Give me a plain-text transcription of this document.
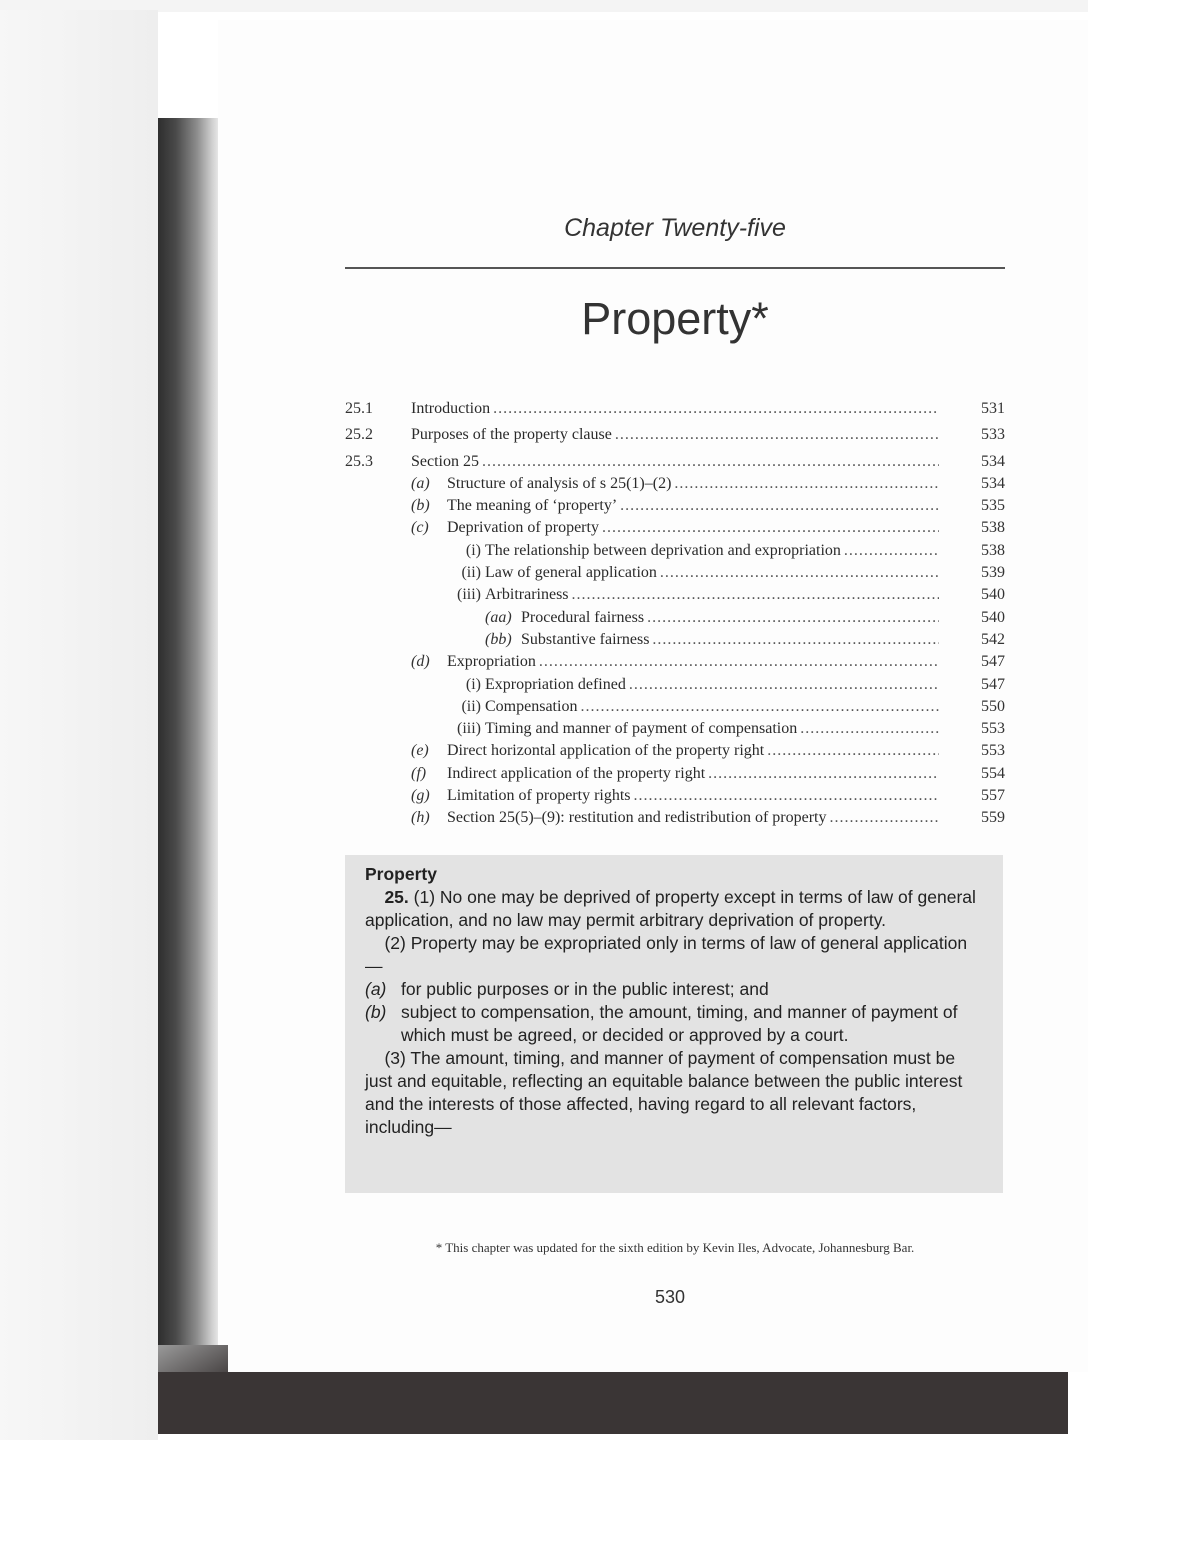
Chapter Twenty-five
Property*
25.1 Introduction .....	531
25.2 Purposes of the property clause .....	533
25.3 Section 25 .....	534
(a) Structure of analysis of s 25(1)–(2) .....	534
(b) The meaning of ‘property’ .....	535
(c) Deprivation of property .....	538
(i) The relationship between deprivation and expropriation .....	538
(ii) Law of general application .....	539
(iii) Arbitrariness .....	540
(aa) Procedural fairness .....	540
(bb) Substantive fairness .....	542
(d) Expropriation .....	547
(i) Expropriation defined .....	547
(ii) Compensation .....	550
(iii) Timing and manner of payment of compensation .....	553
(e) Direct horizontal application of the property right .....	553
(f) Indirect application of the property right .....	554
(g) Limitation of property rights .....	557
(h) Section 25(5)–(9): restitution and redistribution of property .....	559
Property

25. (1) No one may be deprived of property except in terms of law of general application, and no law may permit arbitrary deprivation of property.

(2) Property may be expropriated only in terms of law of general application—

(a) for public purposes or in the public interest; and
(b) subject to compensation, the amount, timing, and manner of payment of which must be agreed, or decided or approved by a court.

(3) The amount, timing, and manner of payment of compensation must be just and equitable, reflecting an equitable balance between the public interest and the interests of those affected, having regard to all relevant factors, including—

* This chapter was updated for the sixth edition by Kevin Iles, Advocate, Johannesburg Bar.
530
